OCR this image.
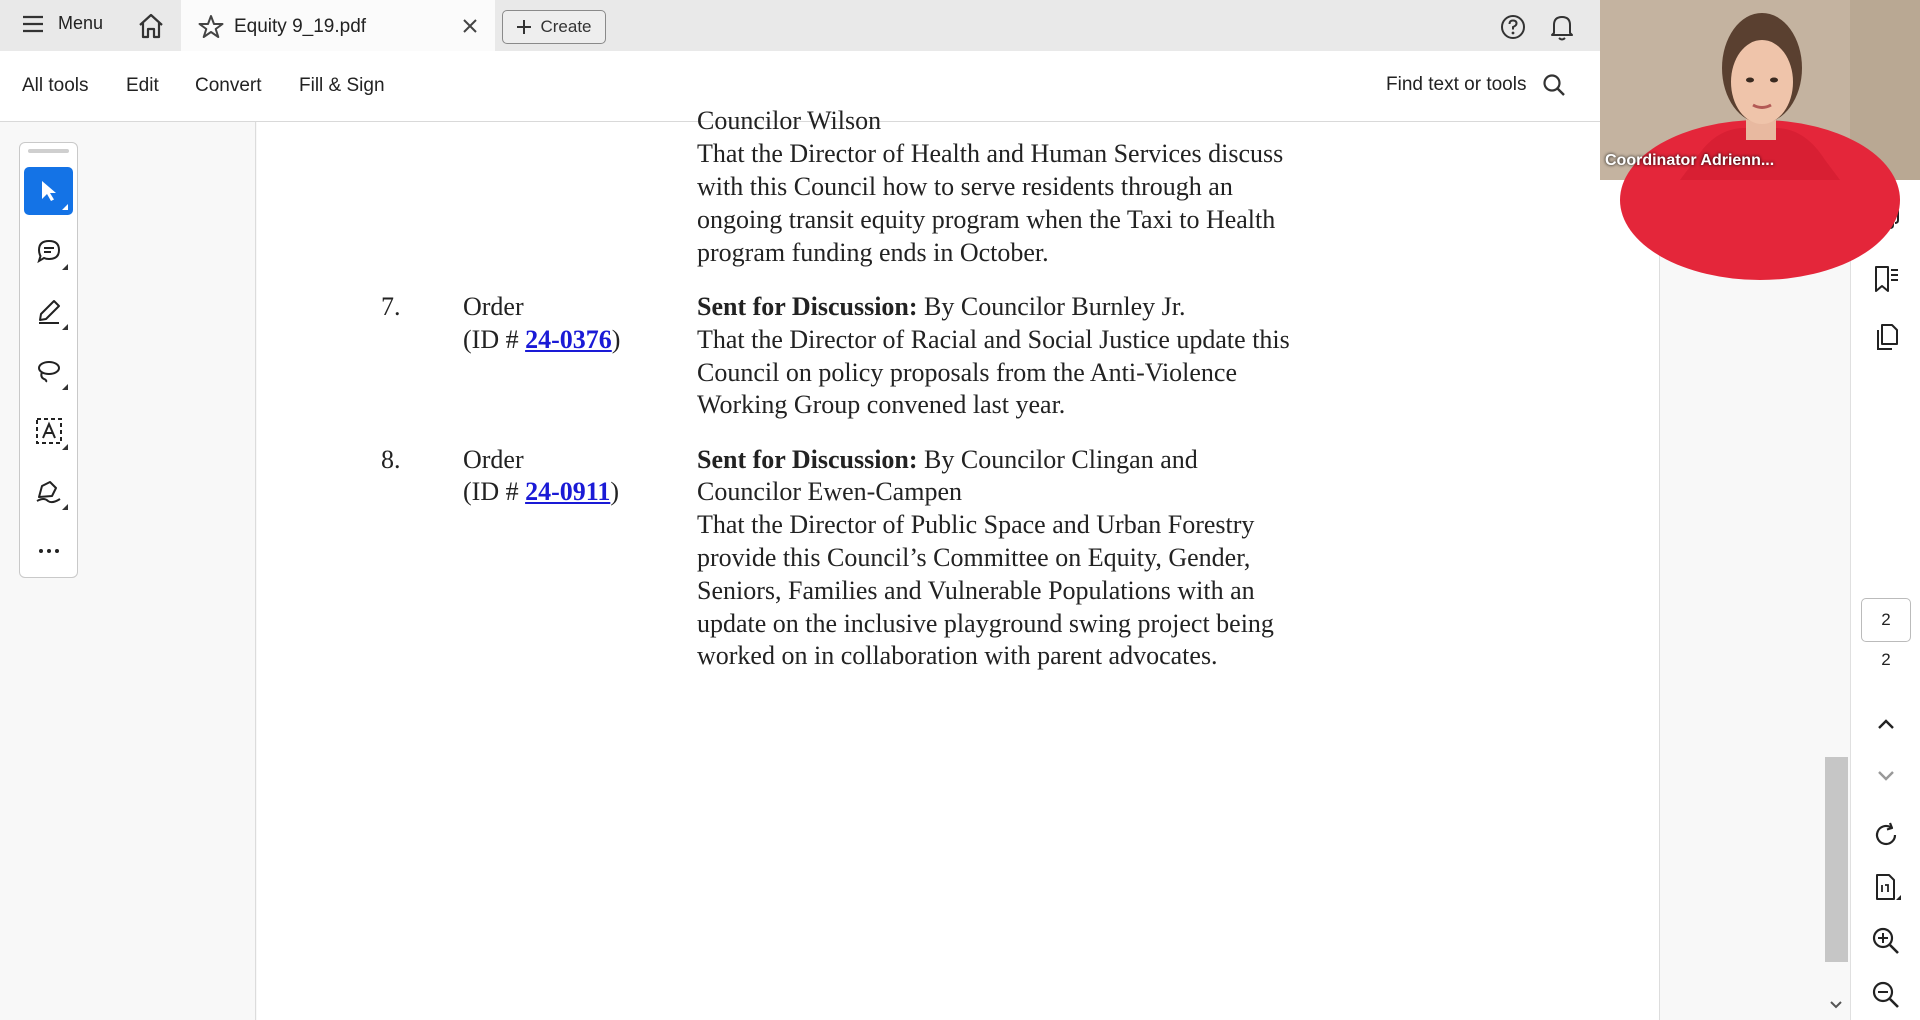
Menu	Equity 9_19.pdf	Create
All tools Edit Convert Fill & Sign	Find text or tools
Councilor Wilson
That the Director of Health and Human Services discuss
with this Council how to serve residents through an
ongoing transit equity program when the Taxi to Health
program funding ends in October.
7. Order
(ID # 24-0376)
Sent for Discussion: By Councilor Burnley Jr.
That the Director of Racial and Social Justice update this
Council on policy proposals from the Anti-Violence
Working Group convened last year.
8. Order
(ID # 24-0911)
Sent for Discussion: By Councilor Clingan and
Councilor Ewen-Campen
That the Director of Public Space and Urban Forestry
provide this Council’s Committee on Equity, Gender,
Seniors, Families and Vulnerable Populations with an
update on the inclusive playground swing project being
worked on in collaboration with parent advocates.
2
2
Coordinator Adrienn...
